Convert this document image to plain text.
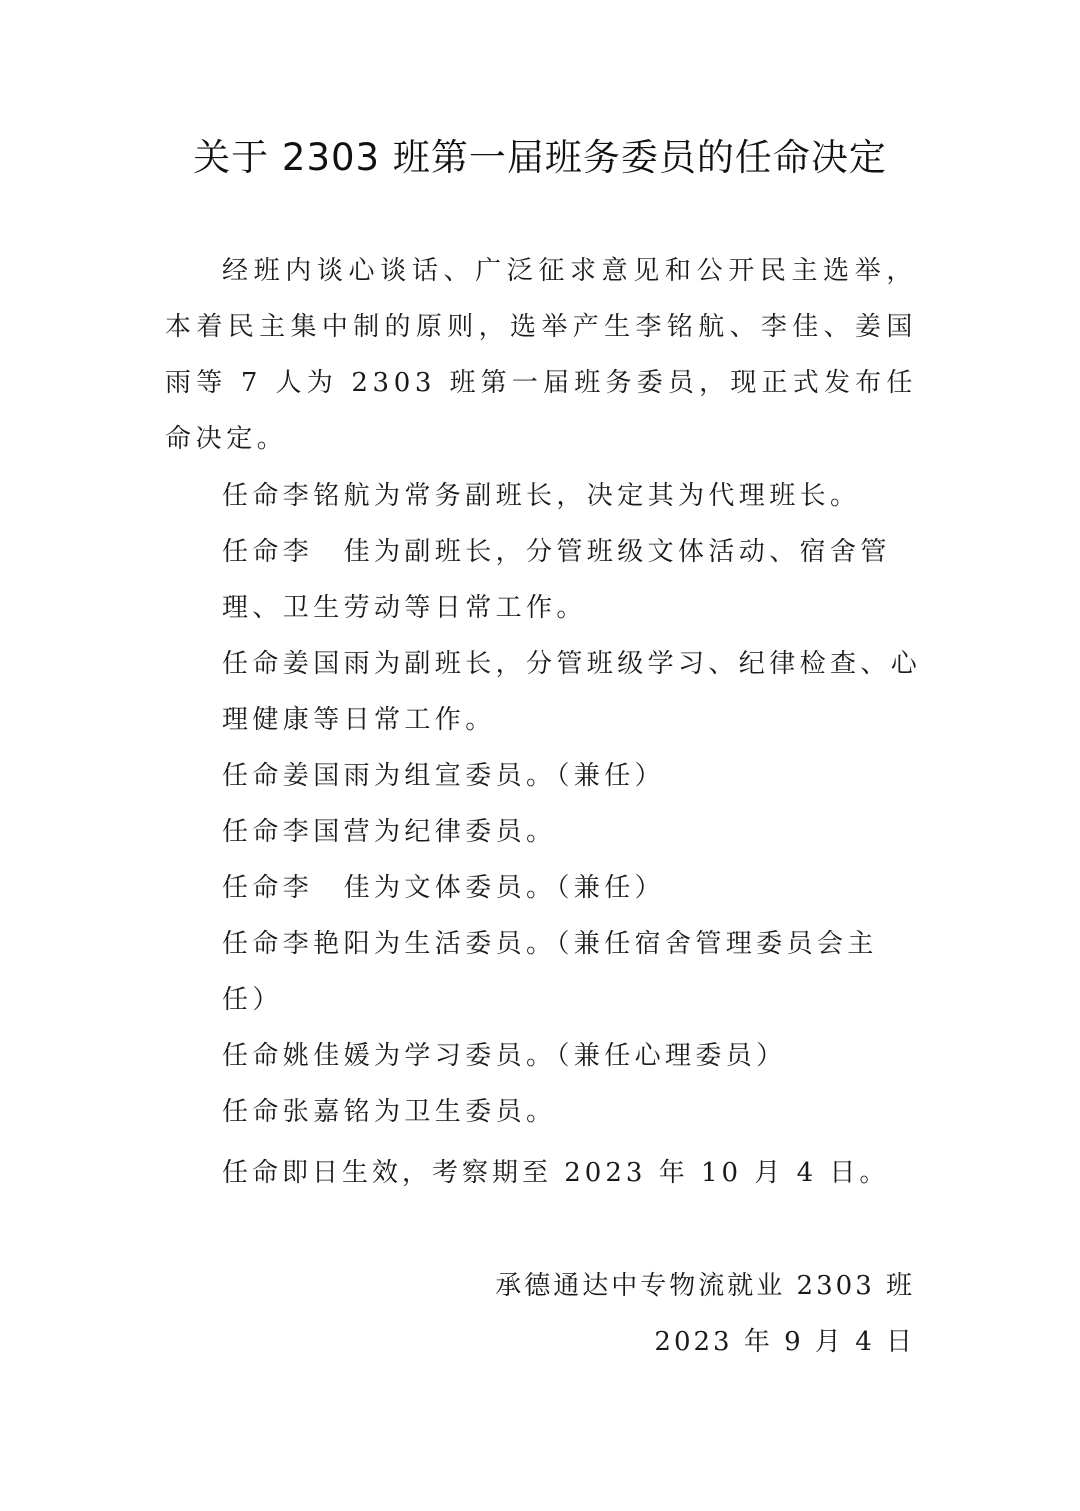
关于 2303 班第一届班务委员的任命决定

经班内谈心谈话、广泛征求意见和公开民主选举，本着民主集中制的原则，选举产生李铭航、李佳、姜国雨等 7 人为 2303 班第一届班务委员，现正式发布任命决定。

任命李铭航为常务副班长，决定其为代理班长。
任命李　佳为副班长，分管班级文体活动、宿舍管理、卫生劳动等日常工作。
任命姜国雨为副班长，分管班级学习、纪律检查、心理健康等日常工作。
任命姜国雨为组宣委员。（兼任）
任命李国营为纪律委员。
任命李　佳为文体委员。（兼任）
任命李艳阳为生活委员。（兼任宿舍管理委员会主任）
任命姚佳媛为学习委员。（兼任心理委员）
任命张嘉铭为卫生委员。

任命即日生效，考察期至 2023 年 10 月 4 日。

承德通达中专物流就业 2303 班
2023 年 9 月 4 日
